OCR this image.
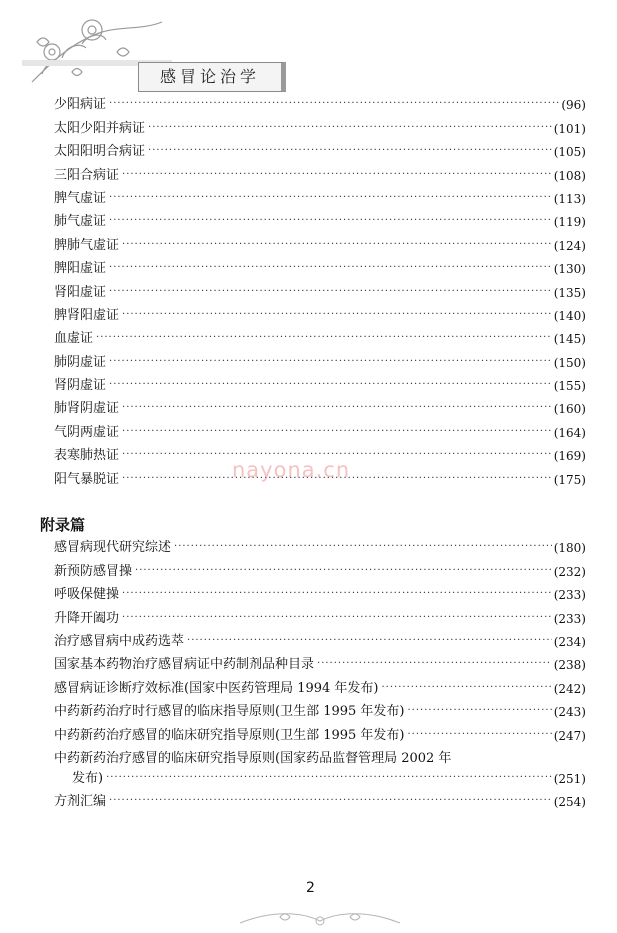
感冒论治学
少阳病证 ·····	(96)
太阳少阳并病证 ·····	(101)
太阳阳明合病证 ·····	(105)
三阳合病证 ·····	(108)
脾气虚证 ·····	(113)
肺气虚证 ·····	(119)
脾肺气虚证 ·····	(124)
脾阳虚证 ·····	(130)
肾阳虚证 ·····	(135)
脾肾阳虚证 ·····	(140)
血虚证 ·····	(145)
肺阴虚证 ·····	(150)
肾阴虚证 ·····	(155)
肺肾阴虚证 ·····	(160)
气阴两虚证 ·····	(164)
表寒肺热证 ·····	(169)
阳气暴脱证 ·····	(175)
nayona.cn
附录篇
感冒病现代研究综述 ·····	(180)
新预防感冒操 ·····	(232)
呼吸保健操 ·····	(233)
升降开阖功 ·····	(233)
治疗感冒病中成药选萃 ·····	(234)
国家基本药物治疗感冒病证中药制剂品种目录 ·····	(238)
感冒病证诊断疗效标准(国家中医药管理局 1994 年发布) ·····	(242)
中药新药治疗时行感冒的临床指导原则(卫生部 1995 年发布) ·····	(243)
中药新药治疗感冒的临床研究指导原则(卫生部 1995 年发布) ·····	(247)
中药新药治疗感冒的临床研究指导原则(国家药品监督管理局 2002 年
发布) ·····	(251)
方剂汇编 ·····	(254)
2
